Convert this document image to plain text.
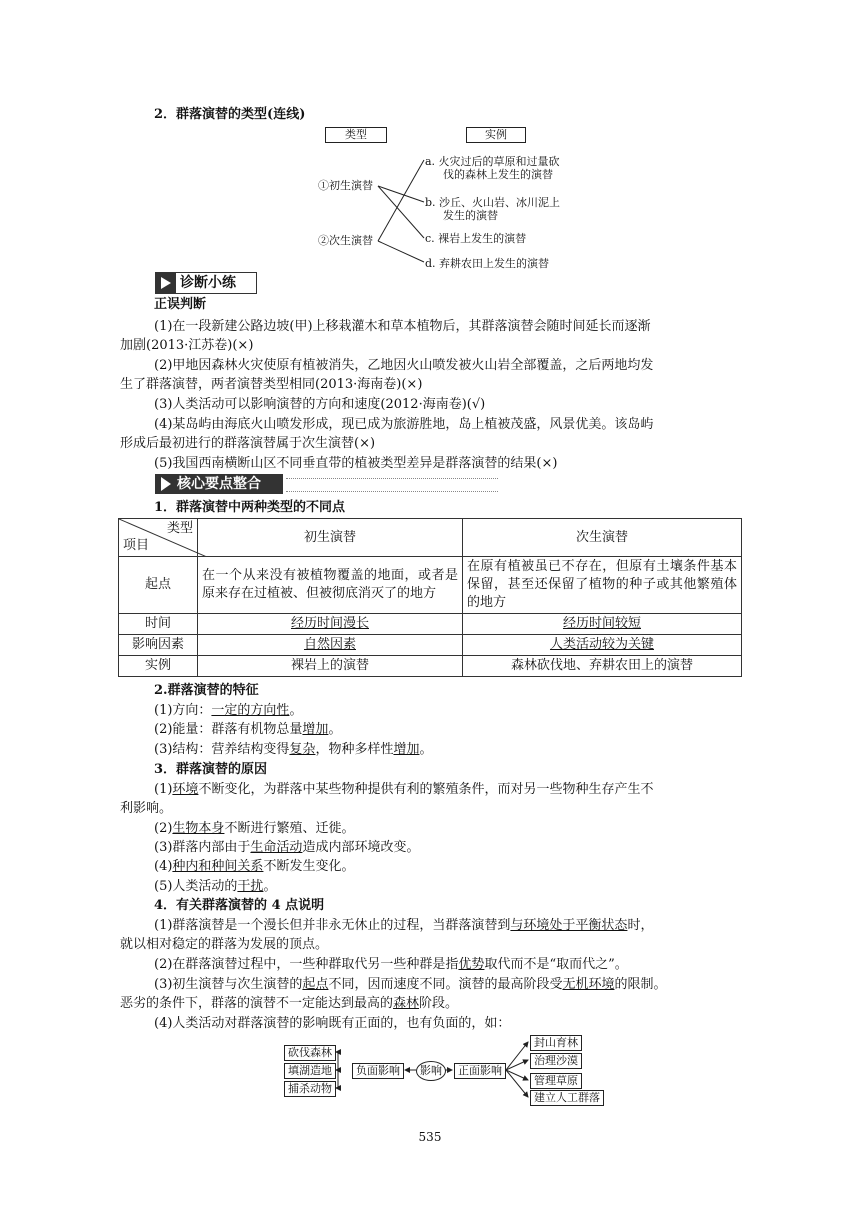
2．群落演替的类型(连线)
类型	实例
①初生演替
②次生演替
a. 火灾过后的草原和过量砍
伐的森林上发生的演替
b. 沙丘、火山岩、冰川泥上
发生的演替
c. 裸岩上发生的演替
d. 弃耕农田上发生的演替
诊断小练
正误判断
(1)在一段新建公路边坡(甲)上移栽灌木和草本植物后，其群落演替会随时间延长而逐渐
加剧(2013·江苏卷)(×)
(2)甲地因森林火灾使原有植被消失，乙地因火山喷发被火山岩全部覆盖，之后两地均发
生了群落演替，两者演替类型相同(2013·海南卷)(×)
(3)人类活动可以影响演替的方向和速度(2012·海南卷)(√)
(4)某岛屿由海底火山喷发形成，现已成为旅游胜地，岛上植被茂盛，风景优美。该岛屿
形成后最初进行的群落演替属于次生演替(×)
(5)我国西南横断山区不同垂直带的植被类型差异是群落演替的结果(×)
核心要点整合
1．群落演替中两种类型的不同点
类型
项目	初生演替	次生演替
起点	在一个从来没有被植物覆盖的地面，或者是原来存在过植被、但被彻底消灭了的地方	在原有植被虽已不存在，但原有土壤条件基本保留，甚至还保留了植物的种子或其他繁殖体的地方
时间	经历时间漫长	经历时间较短
影响因素	自然因素	人类活动较为关键
实例	裸岩上的演替	森林砍伐地、弃耕农田上的演替
2.群落演替的特征
(1)方向：一定的方向性。
(2)能量：群落有机物总量增加。
(3)结构：营养结构变得复杂，物种多样性增加。
3．群落演替的原因
(1)环境不断变化，为群落中某些物种提供有利的繁殖条件，而对另一些物种生存产生不
利影响。
(2)生物本身不断进行繁殖、迁徙。
(3)群落内部由于生命活动造成内部环境改变。
(4)种内和种间关系不断发生变化。
(5)人类活动的干扰。
4．有关群落演替的 4 点说明
(1)群落演替是一个漫长但并非永无休止的过程，当群落演替到与环境处于平衡状态时，
就以相对稳定的群落为发展的顶点。
(2)在群落演替过程中，一些种群取代另一些种群是指优势取代而不是“取而代之”。
(3)初生演替与次生演替的起点不同，因而速度不同。演替的最高阶段受无机环境的限制。
恶劣的条件下，群落的演替不一定能达到最高的森林阶段。
(4)人类活动对群落演替的影响既有正面的，也有负面的，如：
砍伐森林
填湖造地
捕杀动物
负面影响	影响	正面影响
封山育林
治理沙漠
管理草原
建立人工群落
535
